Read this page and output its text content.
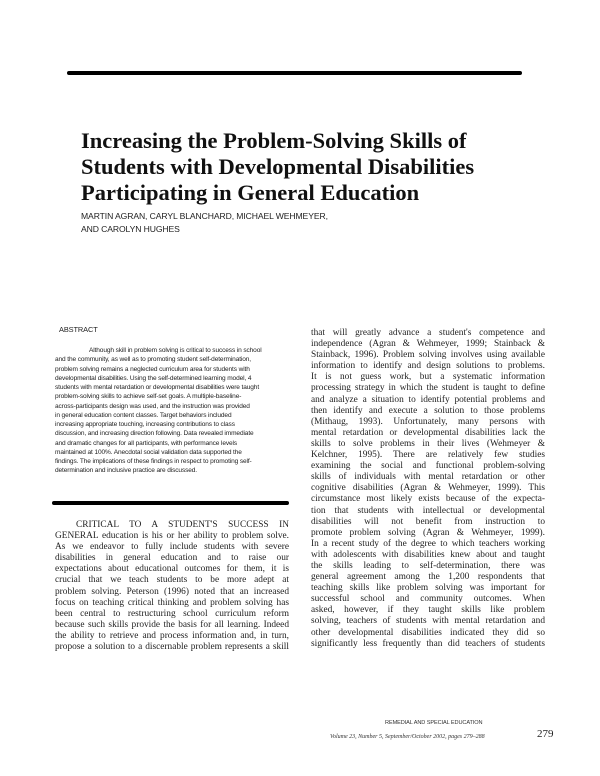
Increasing the Problem-Solving Skills of
Students with Developmental Disabilities
Participating in General Education
MARTIN AGRAN, CARYL BLANCHARD, MICHAEL WEHMEYER,
AND CAROLYN HUGHES
ABSTRACT
Although skill in problem solving is critical to success in school
and the community, as well as to promoting student self-determination,
problem solving remains a neglected curriculum area for students with
developmental disabilities. Using the self-determined learning model, 4
students with mental retardation or developmental disabilities were taught
problem-solving skills to achieve self-set goals. A multiple-baseline-
across-participants design was used, and the instruction was provided
in general education content classes. Target behaviors included
increasing appropriate touching, increasing contributions to class
discussion, and increasing direction following. Data revealed immediate
and dramatic changes for all participants, with performance levels
maintained at 100%. Anecdotal social validation data supported the
findings. The implications of these findings in respect to promoting self-
determination and inclusive practice are discussed.
CRITICAL TO A STUDENT'S SUCCESS IN
GENERAL education is his or her ability to problem solve.
As we endeavor to fully include students with severe
disabilities in general education and to raise our
expectations about educational outcomes for them, it is
crucial that we teach students to be more adept at
problem solving. Peterson (1996) noted that an increased
focus on teaching critical thinking and problem solving has
been central to restructuring school curriculum reform
because such skills provide the basis for all learning. Indeed
the ability to retrieve and process information and, in turn,
propose a solution to a discernable problem represents a skill
that will greatly advance a student's competence and
independence (Agran & Wehmeyer, 1999; Stainback &
Stainback, 1996). Problem solving involves using available
information to identify and design solutions to problems.
It is not guess work, but a systematic information
processing strategy in which the student is taught to define
and analyze a situation to identify potential problems and
then identify and execute a solution to those problems
(Mithaug, 1993). Unfortunately, many persons with
mental retardation or developmental disabilities lack the
skills to solve problems in their lives (Wehmeyer &
Kelchner, 1995). There are relatively few studies
examining the social and functional problem-solving
skills of individuals with mental retardation or other
cognitive disabilities (Agran & Wehmeyer, 1999). This
circumstance most likely exists because of the expecta-
tion that students with intellectual or developmental
disabilities will not benefit from instruction to
promote problem solving (Agran & Wehmeyer, 1999).
In a recent study of the degree to which teachers working
with adolescents with disabilities knew about and taught
the skills leading to self-determination, there was
general agreement among the 1,200 respondents that
teaching skills like problem solving was important for
successful school and community outcomes. When
asked, however, if they taught skills like problem
solving, teachers of students with mental retardation and
other developmental disabilities indicated they did so
significantly less frequently than did teachers of students
REMEDIAL AND SPECIAL EDUCATION
Volume 23, Number 5, September/October 2002, pages 279–288	279
